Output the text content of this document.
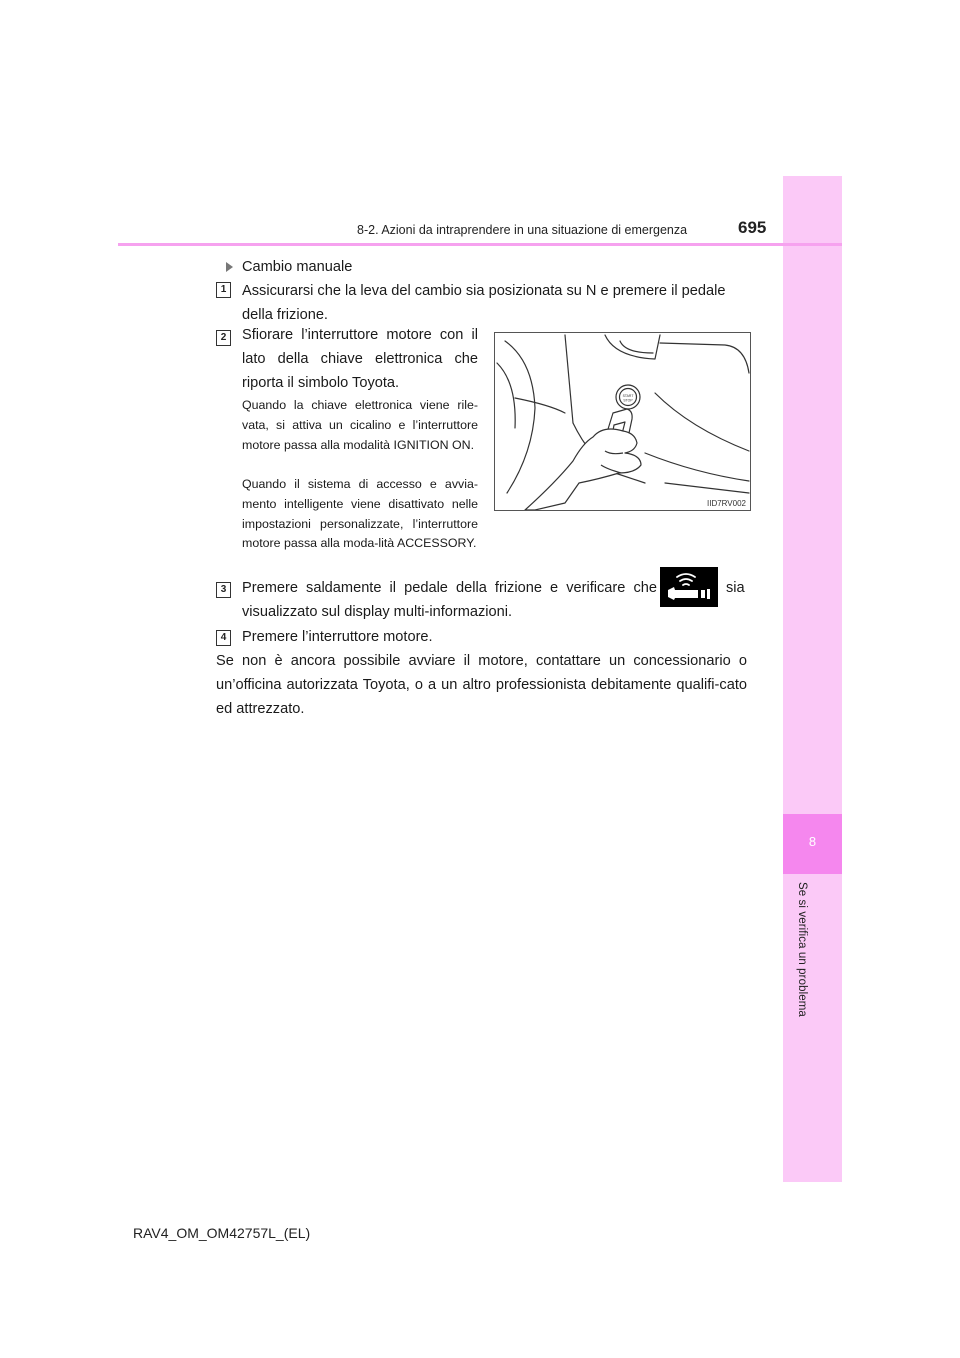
8
Se si verifica un problema
8-2. Azioni da intraprendere in una situazione di emergenza	695
Cambio manuale
1	Assicurarsi che la leva del cambio sia posizionata su N e premere il pedale della frizione.
2	Sfiorare l’interruttore motore con il lato della chiave elettronica che riporta il simbolo Toyota.
Quando la chiave elettronica viene rile-vata, si attiva un cicalino e l’interruttore motore passa alla modalità IGNITION ON.
Quando il sistema di accesso e avvia-mento intelligente viene disattivato nelle impostazioni personalizzate, l’interruttore motore passa alla moda-lità ACCESSORY.
START
STOP
IID7RV002
3	Premere saldamente il pedale della frizione e verificare che	sia
visualizzato sul display multi-informazioni.
4	Premere l’interruttore motore.
Se non è ancora possibile avviare il motore, contattare un concessionario o un’officina autorizzata Toyota, o a un altro professionista debitamente qualifi-cato ed attrezzato.
RAV4_OM_OM42757L_(EL)
